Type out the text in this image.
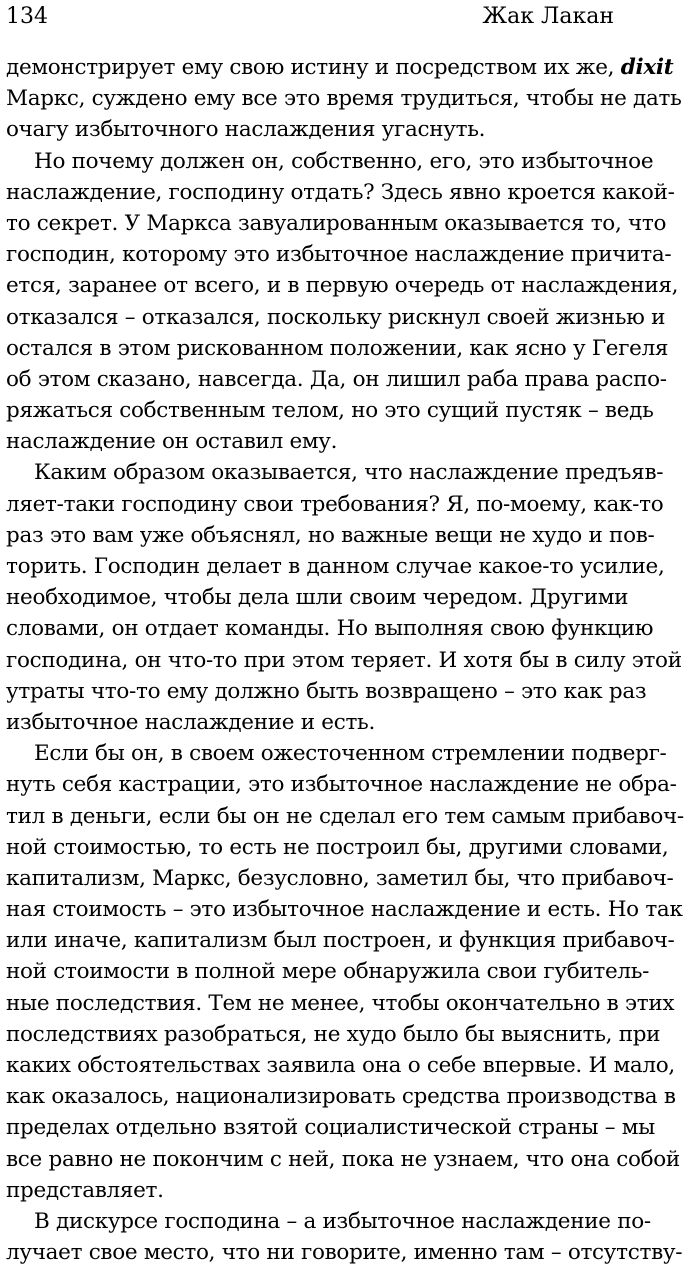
134	Жак Лакан
демонстрирует ему свою истину и посредством их же, dixit
Маркс, суждено ему все это время трудиться, чтобы не дать
очагу избыточного наслаждения угаснуть.
Но почему должен он, собственно, его, это избыточное
наслаждение, господину отдать? Здесь явно кроется какой-
то секрет. У Маркса завуалированным оказывается то, что
господин, которому это избыточное наслаждение причита-
ется, заранее от всего, и в первую очередь от наслаждения,
отказался – отказался, поскольку рискнул своей жизнью и
остался в этом рискованном положении, как ясно у Гегеля
об этом сказано, навсегда. Да, он лишил раба права распо-
ряжаться собственным телом, но это сущий пустяк – ведь
наслаждение он оставил ему.
Каким образом оказывается, что наслаждение предъяв-
ляет-таки господину свои требования? Я, по-моему, как-то
раз это вам уже объяснял, но важные вещи не худо и пов-
торить. Господин делает в данном случае какое-то усилие,
необходимое, чтобы дела шли своим чередом. Другими
словами, он отдает команды. Но выполняя свою функцию
господина, он что-то при этом теряет. И хотя бы в силу этой
утраты что-то ему должно быть возвращено – это как раз
избыточное наслаждение и есть.
Если бы он, в своем ожесточенном стремлении подверг-
нуть себя кастрации, это избыточное наслаждение не обра-
тил в деньги, если бы он не сделал его тем самым прибавоч-
ной стоимостью, то есть не построил бы, другими словами,
капитализм, Маркс, безусловно, заметил бы, что прибавоч-
ная стоимость – это избыточное наслаждение и есть. Но так
или иначе, капитализм был построен, и функция прибавоч-
ной стоимости в полной мере обнаружила свои губитель-
ные последствия. Тем не менее, чтобы окончательно в этих
последствиях разобраться, не худо было бы выяснить, при
каких обстоятельствах заявила она о себе впервые. И мало,
как оказалось, национализировать средства производства в
пределах отдельно взятой социалистической страны – мы
все равно не покончим с ней, пока не узнаем, что она собой
представляет.
В дискурсе господина – а избыточное наслаждение по-
лучает свое место, что ни говорите, именно там – отсутству-
